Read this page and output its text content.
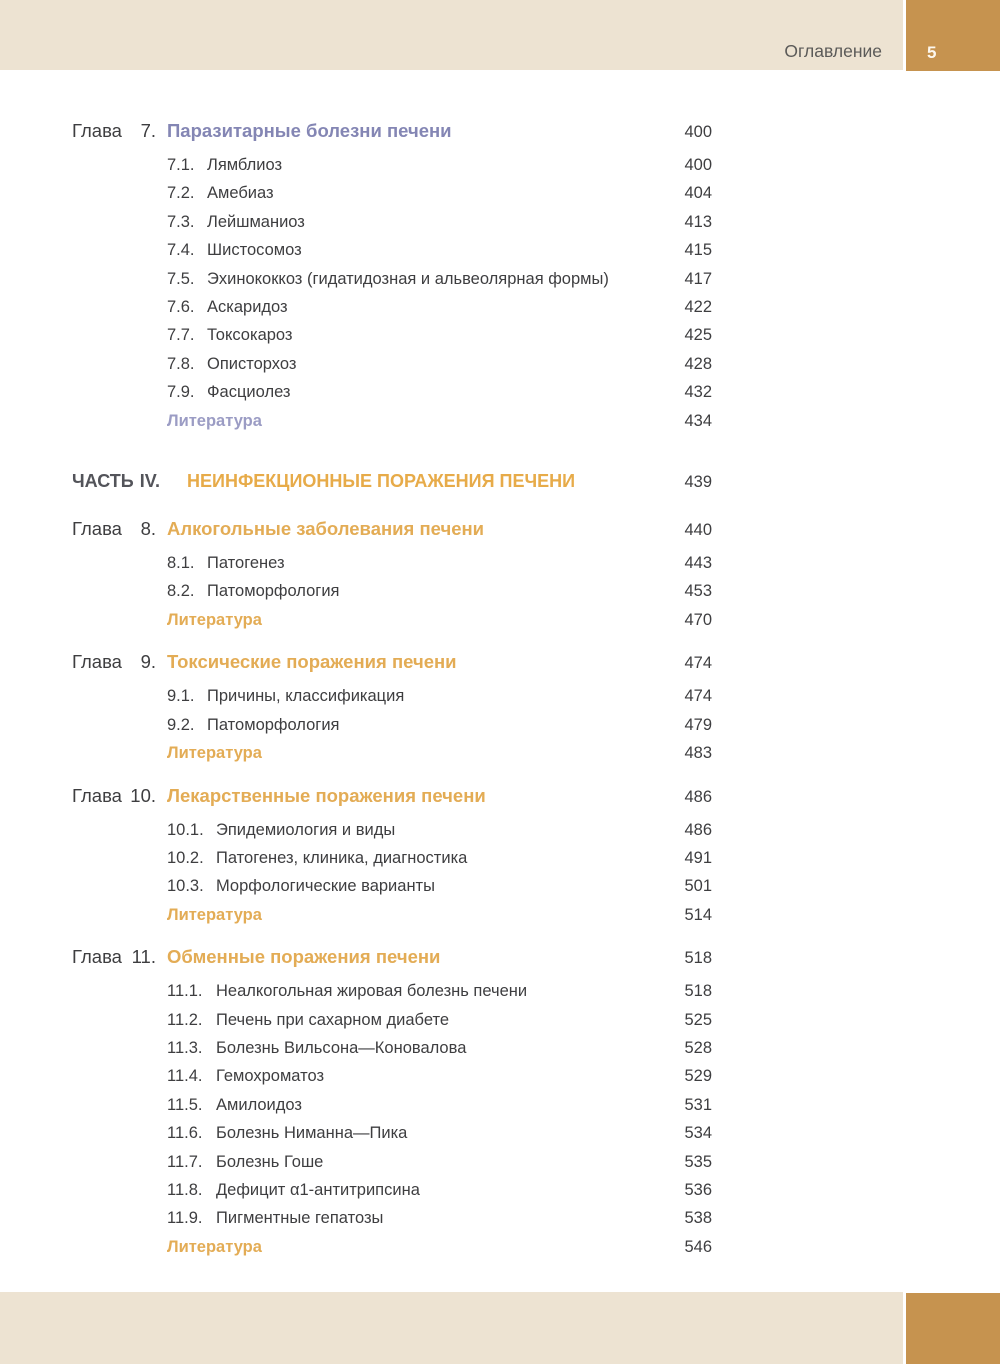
Оглавление	5
Глава 7. Паразитарные болезни печени	400
7.1. Лямблиоз	400
7.2. Амебиаз	404
7.3. Лейшманиоз	413
7.4. Шистосомоз	415
7.5. Эхинококкоз (гидатидозная и альвеолярная формы)	417
7.6. Аскаридоз	422
7.7. Токсокароз	425
7.8. Описторхоз	428
7.9. Фасциолез	432
Литература	434
ЧАСТЬ IV. НЕИНФЕКЦИОННЫЕ ПОРАЖЕНИЯ ПЕЧЕНИ	439
Глава 8. Алкогольные заболевания печени	440
8.1. Патогенез	443
8.2. Патоморфология	453
Литература	470
Глава 9. Токсические поражения печени	474
9.1. Причины, классификация	474
9.2. Патоморфология	479
Литература	483
Глава 10. Лекарственные поражения печени	486
10.1. Эпидемиология и виды	486
10.2. Патогенез, клиника, диагностика	491
10.3. Морфологические варианты	501
Литература	514
Глава 11. Обменные поражения печени	518
11.1. Неалкогольная жировая болезнь печени	518
11.2. Печень при сахарном диабете	525
11.3. Болезнь Вильсона—Коновалова	528
11.4. Гемохроматоз	529
11.5. Амилоидоз	531
11.6. Болезнь Ниманна—Пика	534
11.7. Болезнь Гоше	535
11.8. Дефицит α1-антитрипсина	536
11.9. Пигментные гепатозы	538
Литература	546
